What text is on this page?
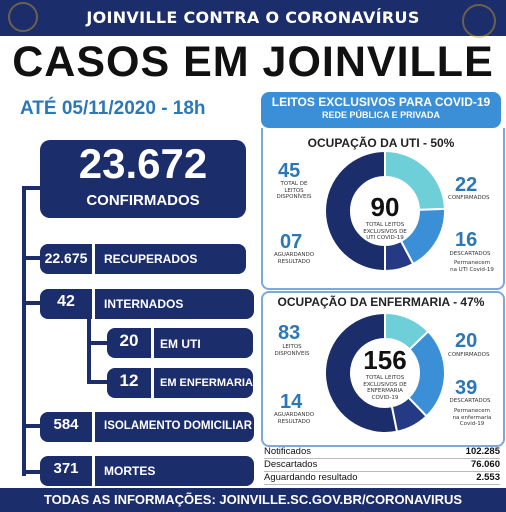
JOINVILLE CONTRA O CORONAVÍRUS
CASOS EM JOINVILLE
ATÉ 05/11/2020 - 18h
23.672
CONFIRMADOS
22.675 RECUPERADOS
42	INTERNADOS
20	EM UTI
12	EM ENFERMARIA
584	ISOLAMENTO DOMICILIAR
371	MORTES
LEITOS EXCLUSIVOS PARA COVID-19
REDE PÚBLICA E PRIVADA
OCUPAÇÃO DA UTI - 50%
90
TOTAL LEITOS EXCLUSIVOS DE UTI COVID-19
45
TOTAL DE LEITOS DISPONÍVEIS
07
AGUARDANDO RESULTADO
22
CONFIRMADOS
16
DESCARTADOS
Permanecem na UTI Covid-19
OCUPAÇÃO DA ENFERMARIA - 47%
156
TOTAL LEITOS EXCLUSIVOS DE ENFERMARIA COVID-19
83
LEITOS DISPONÍVEIS
14
AGUARDANDO RESULTADO
20
CONFIRMADOS
39
DESCARTADOS
Permanecem na enfermaria Covid-19
Notificados	102.285
Descartados	76.060
Aguardando resultado	2.553
TODAS AS INFORMAÇÕES: JOINVILLE.SC.GOV.BR/CORONAVIRUS
